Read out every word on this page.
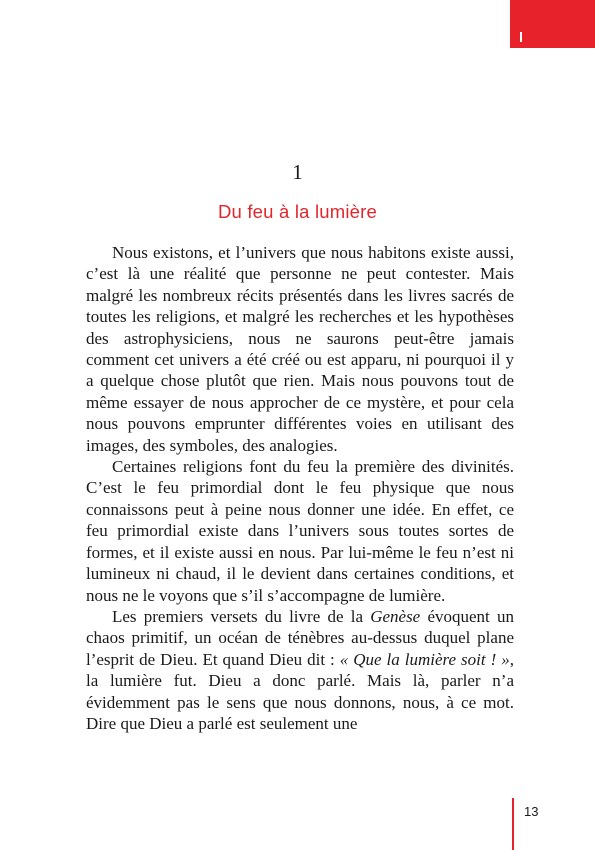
1
Du feu à la lumière

Nous existons, et l’univers que nous habitons existe aussi, c’est là une réalité que personne ne peut contester. Mais malgré les nombreux récits présentés dans les livres sacrés de toutes les religions, et malgré les recherches et les hypothèses des astrophysiciens, nous ne saurons peut-être jamais comment cet univers a été créé ou est apparu, ni pourquoi il y a quelque chose plutôt que rien. Mais nous pouvons tout de même essayer de nous approcher de ce mystère, et pour cela nous pouvons emprunter différentes voies en utilisant des images, des symboles, des analogies.

Certaines religions font du feu la première des divinités. C’est le feu primordial dont le feu physique que nous connaissons peut à peine nous donner une idée. En effet, ce feu primordial existe dans l’univers sous toutes sortes de formes, et il existe aussi en nous. Par lui-même le feu n’est ni lumineux ni chaud, il le devient dans certaines conditions, et nous ne le voyons que s’il s’accompagne de lumière.

Les premiers versets du livre de la Genèse évoquent un chaos primitif, un océan de ténèbres au-dessus duquel plane l’esprit de Dieu. Et quand Dieu dit : « Que la lumière soit ! », la lumière fut. Dieu a donc parlé. Mais là, parler n’a évidemment pas le sens que nous donnons, nous, à ce mot. Dire que Dieu a parlé est seulement une

13
